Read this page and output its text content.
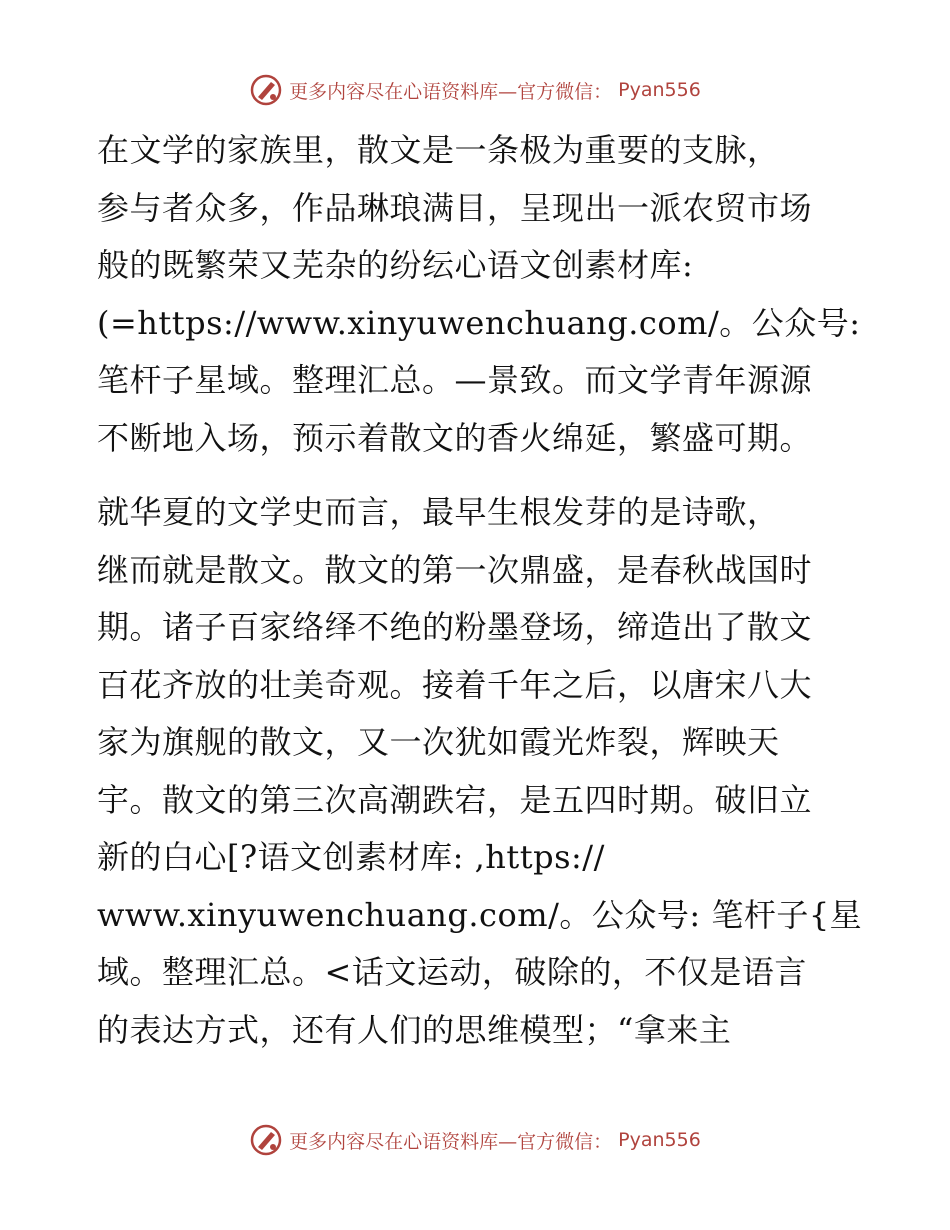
更多内容尽在心语资料库—官方微信： Pyan556

在文学的家族里，散文是一条极为重要的支脉，
参与者众多，作品琳琅满目，呈现出一派农贸市场
般的既繁荣又芜杂的纷纭心语文创素材库:
(=https://www.xinyuwenchuang.com/。公众号:
笔杆子星域。整理汇总。—景致。而文学青年源源
不断地入场，预示着散文的香火绵延，繁盛可期。

就华夏的文学史而言，最早生根发芽的是诗歌，
继而就是散文。散文的第一次鼎盛，是春秋战国时
期。诸子百家络绎不绝的粉墨登场，缔造出了散文
百花齐放的壮美奇观。接着千年之后，以唐宋八大
家为旗舰的散文，又一次犹如霞光炸裂，辉映天
宇。散文的第三次高潮跌宕，是五四时期。破旧立
新的白心[?语文创素材库: ,https://
www.xinyuwenchuang.com/。公众号: 笔杆子{星
域。整理汇总。<话文运动，破除的，不仅是语言
的表达方式，还有人们的思维模型；“拿来主

更多内容尽在心语资料库—官方微信： Pyan556
